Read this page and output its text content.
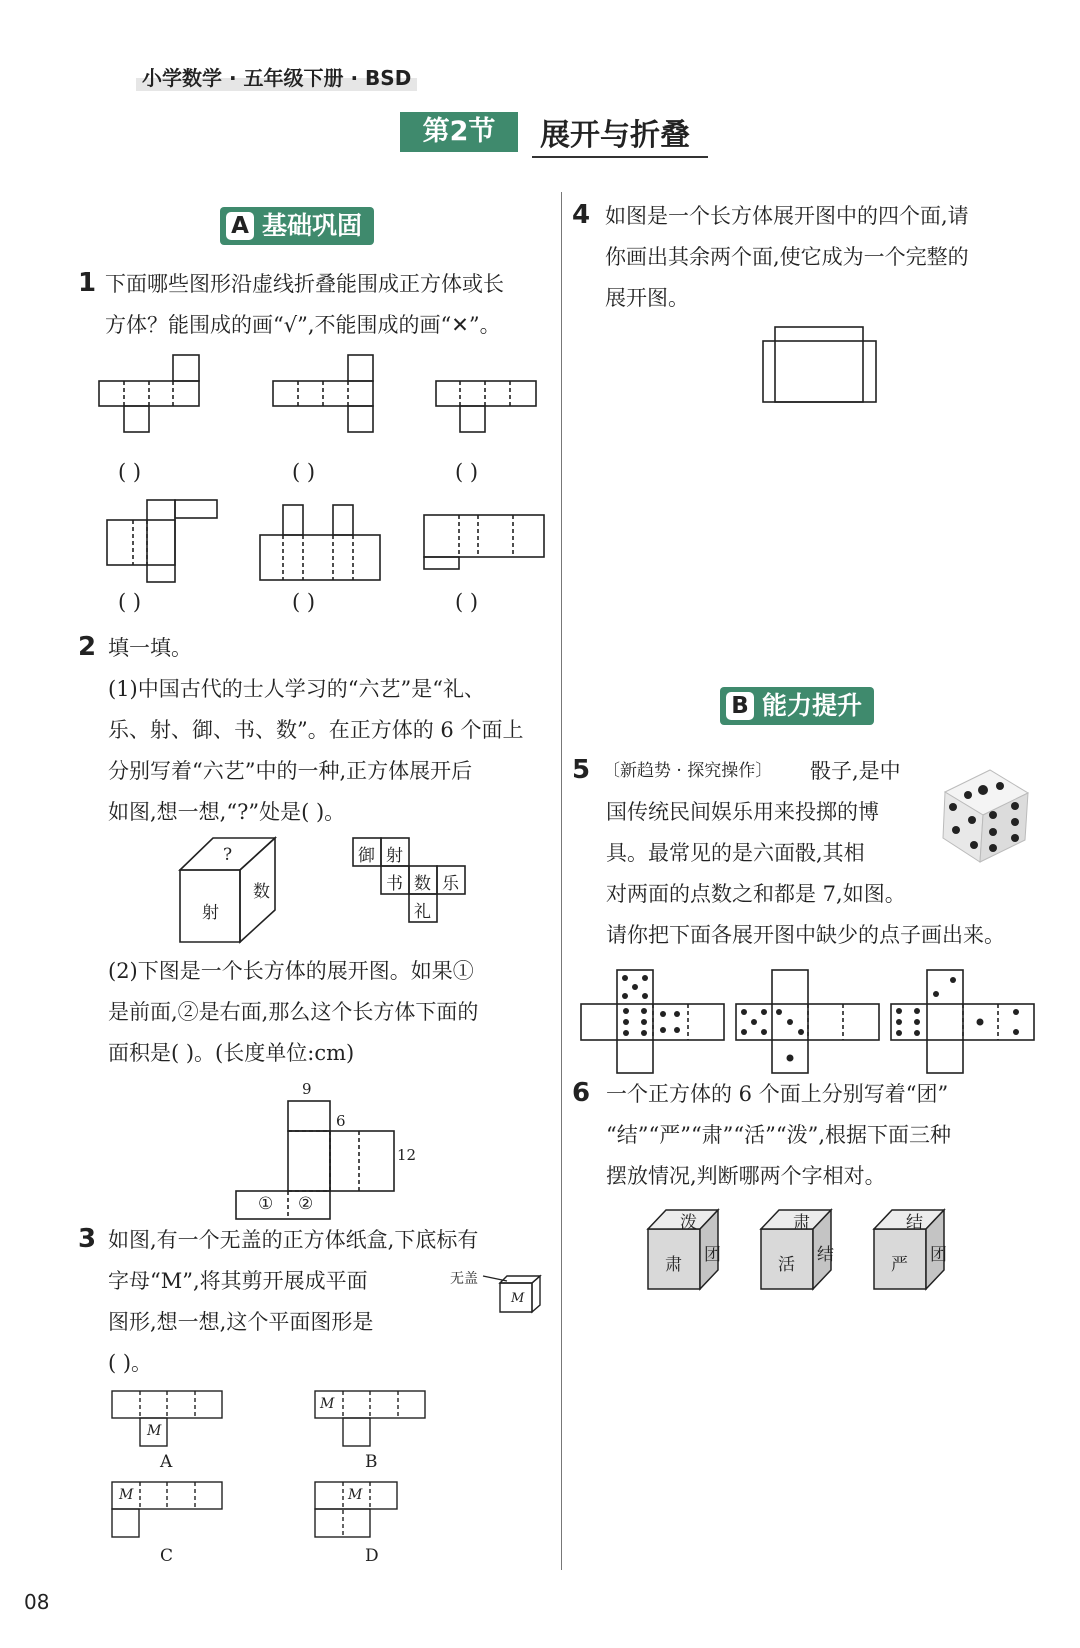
小学数学 · 五年级下册 · BSD
第2节	展开与折叠
A 基础巩固
1 下面哪些图形沿虚线折叠能围成正方体或长
方体？能围成的画“√”,不能围成的画“✕”。
( )	( )	( )
( )	( )	( )
2 填一填。
(1)中国古代的士人学习的“六艺”是“礼、
乐、射、御、书、数”。在正方体的 6 个面上
分别写着“六艺”中的一种,正方体展开后
如图,想一想,“?”处是( )。
?
射
数
御 射
书 数 乐
礼
(2)下图是一个长方体的展开图。如果①
是前面,②是右面,那么这个长方体下面的
面积是( )。(长度单位:cm)
9
6
12
① ②
3 如图,有一个无盖的正方体纸盒,下底标有
字母“M”,将其剪开展成平面
图形,想一想,这个平面图形是
( )。
无盖
M
M
M
M	M
A	B
C	D
4 如图是一个长方体展开图中的四个面,请
你画出其余两个面,使它成为一个完整的
展开图。
B 能力提升
5 〔新趋势 · 探究操作〕 骰子,是中
国传统民间娱乐用来投掷的博
具。最常见的是六面骰,其相
对两面的点数之和都是 7,如图。
请你把下面各展开图中缺少的点子画出来。
6 一个正方体的 6 个面上分别写着“团”
“结”“严”“肃”“活”“泼”,根据下面三种
摆放情况,判断哪两个字相对。
泼
肃 团
肃
活 结
结
严 团
08
